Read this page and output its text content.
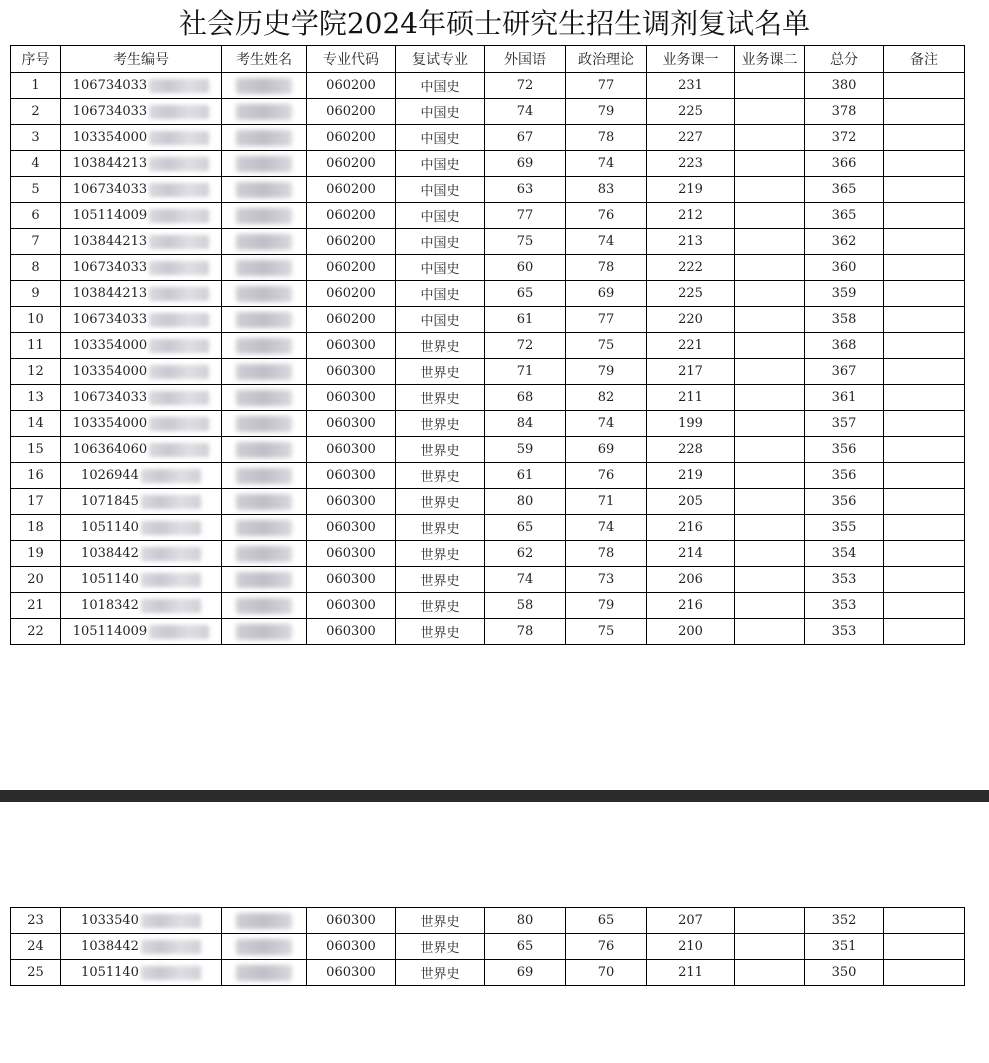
社会历史学院2024年硕士研究生招生调剂复试名单
序号	考生编号	考生姓名	专业代码	复试专业	外国语	政治理论	业务课一	业务课二	总分	备注
1	106734033		060200	中国史	72	77	231		380	
2	106734033		060200	中国史	74	79	225		378	
3	103354000		060200	中国史	67	78	227		372	
4	103844213		060200	中国史	69	74	223		366	
5	106734033		060200	中国史	63	83	219		365	
6	105114009		060200	中国史	77	76	212		365	
7	103844213		060200	中国史	75	74	213		362	
8	106734033		060200	中国史	60	78	222		360	
9	103844213		060200	中国史	65	69	225		359	
10	106734033		060200	中国史	61	77	220		358	
11	103354000		060300	世界史	72	75	221		368	
12	103354000		060300	世界史	71	79	217		367	
13	106734033		060300	世界史	68	82	211		361	
14	103354000		060300	世界史	84	74	199		357	
15	106364060		060300	世界史	59	69	228		356	
16	1026944		060300	世界史	61	76	219		356	
17	1071845		060300	世界史	80	71	205		356	
18	1051140		060300	世界史	65	74	216		355	
19	1038442		060300	世界史	62	78	214		354	
20	1051140		060300	世界史	74	73	206		353	
21	1018342		060300	世界史	58	79	216		353	
22	105114009		060300	世界史	78	75	200		353	
23	1033540		060300	世界史	80	65	207		352	
24	1038442		060300	世界史	65	76	210		351	
25	1051140		060300	世界史	69	70	211		350	
